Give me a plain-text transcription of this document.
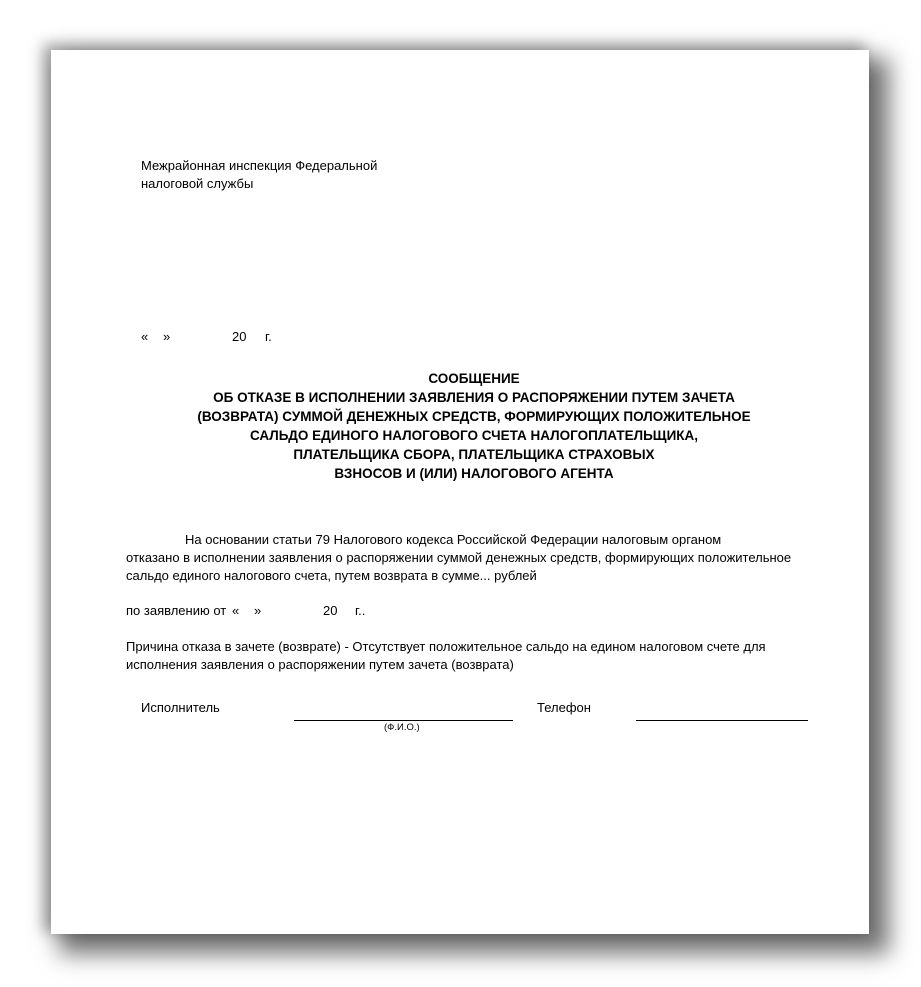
Межрайонная инспекция Федеральной
налоговой службы
« »	20 г.
СООБЩЕНИЕ
ОБ ОТКАЗЕ В ИСПОЛНЕНИИ ЗАЯВЛЕНИЯ О РАСПОРЯЖЕНИИ ПУТЕМ ЗАЧЕТА
(ВОЗВРАТА) СУММОЙ ДЕНЕЖНЫХ СРЕДСТВ, ФОРМИРУЮЩИХ ПОЛОЖИТЕЛЬНОЕ
САЛЬДО ЕДИНОГО НАЛОГОВОГО СЧЕТА НАЛОГОПЛАТЕЛЬЩИКА,
ПЛАТЕЛЬЩИКА СБОРА, ПЛАТЕЛЬЩИКА СТРАХОВЫХ
ВЗНОСОВ И (ИЛИ) НАЛОГОВОГО АГЕНТА
На основании статьи 79 Налогового кодекса Российской Федерации налоговым органом
отказано в исполнении заявления о распоряжении суммой денежных средств, формирующих положительное
сальдо единого налогового счета, путем возврата в сумме... рублей
по заявлению от « »	20 г..
Причина отказа в зачете (возврате) - Отсутствует положительное сальдо на едином налоговом счете для
исполнения заявления о распоряжении путем зачета (возврата)
Исполнитель
(Ф.И.О.)
Телефон
